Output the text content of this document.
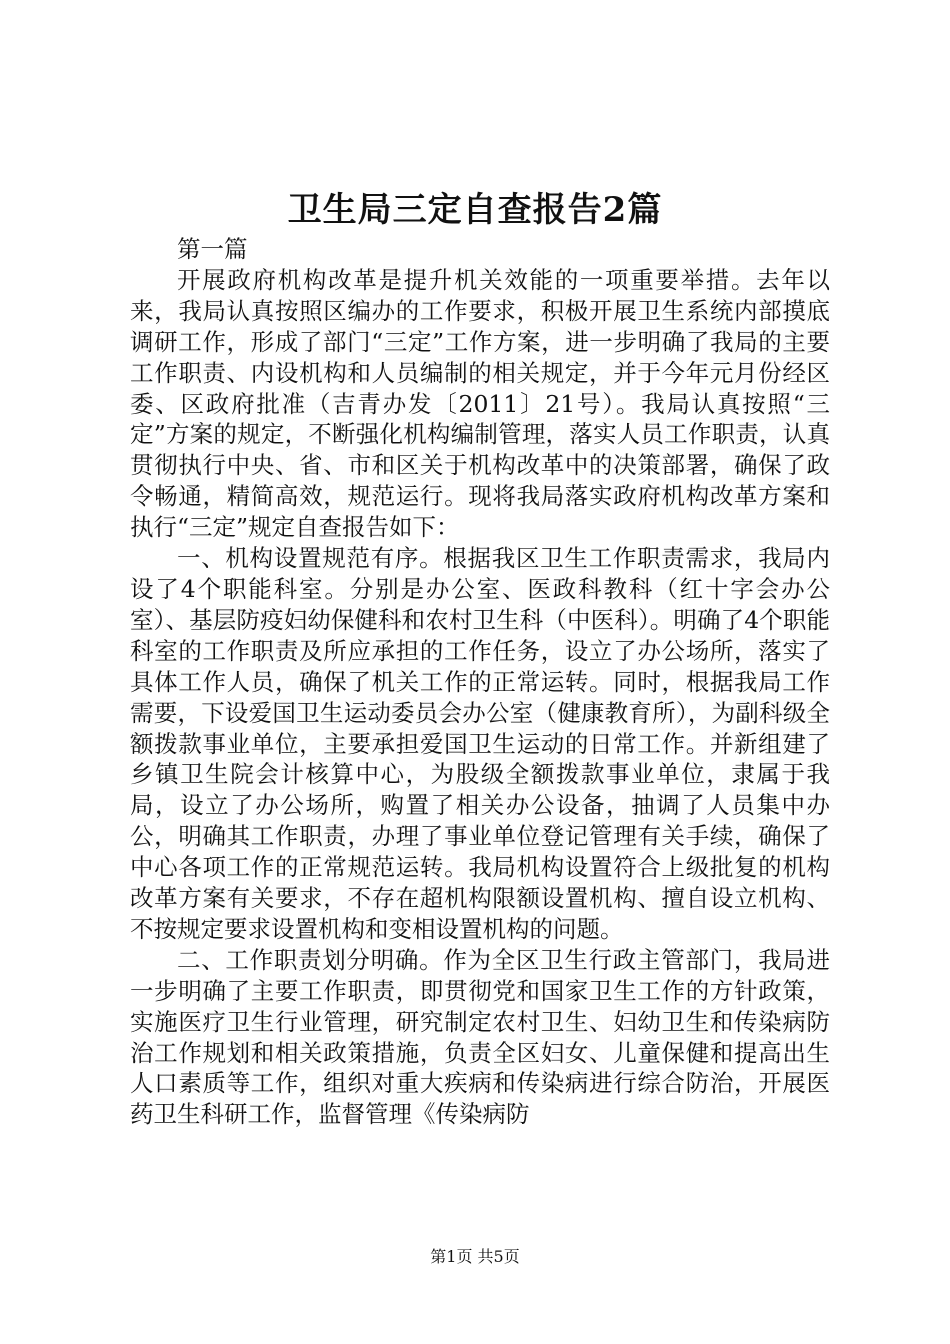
卫生局三定自查报告2篇

第一篇

开展政府机构改革是提升机关效能的一项重要举措。去年以来，我局认真按照区编办的工作要求，积极开展卫生系统内部摸底调研工作，形成了部门“三定”工作方案，进一步明确了我局的主要工作职责、内设机构和人员编制的相关规定，并于今年元月份经区委、区政府批准（吉青办发〔2011〕21号）。我局认真按照“三定”方案的规定，不断强化机构编制管理，落实人员工作职责，认真贯彻执行中央、省、市和区关于机构改革中的决策部署，确保了政令畅通，精简高效，规范运行。现将我局落实政府机构改革方案和执行“三定”规定自查报告如下：

一、机构设置规范有序。根据我区卫生工作职责需求，我局内设了4个职能科室。分别是办公室、医政科教科（红十字会办公室）、基层防疫妇幼保健科和农村卫生科（中医科）。明确了4个职能科室的工作职责及所应承担的工作任务，设立了办公场所，落实了具体工作人员，确保了机关工作的正常运转。同时，根据我局工作需要，下设爱国卫生运动委员会办公室（健康教育所），为副科级全额拨款事业单位，主要承担爱国卫生运动的日常工作。并新组建了乡镇卫生院会计核算中心，为股级全额拨款事业单位，隶属于我局，设立了办公场所，购置了相关办公设备，抽调了人员集中办公，明确其工作职责，办理了事业单位登记管理有关手续，确保了中心各项工作的正常规范运转。我局机构设置符合上级批复的机构改革方案有关要求，不存在超机构限额设置机构、擅自设立机构、不按规定要求设置机构和变相设置机构的问题。

二、工作职责划分明确。作为全区卫生行政主管部门，我局进一步明确了主要工作职责，即贯彻党和国家卫生工作的方针政策，实施医疗卫生行业管理，研究制定农村卫生、妇幼卫生和传染病防治工作规划和相关政策措施，负责全区妇女、儿童保健和提高出生人口素质等工作，组织对重大疾病和传染病进行综合防治，开展医药卫生科研工作，监督管理《传染病防

第1页 共5页
